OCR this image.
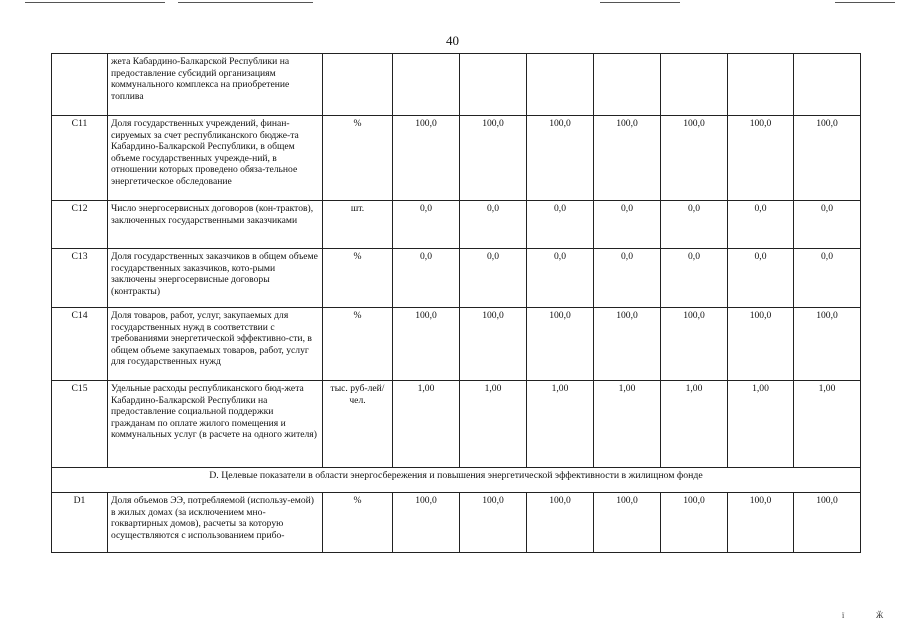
40
	жета Кабардино-Балкарской Республики на предоставление субсидий организациям коммунального комплекса на приобретение топлива								
C11	Доля государственных учреждений, финан-сируемых за счет республиканского бюдже-та Кабардино-Балкарской Республики, в общем объеме государственных учрежде-ний, в отношении которых проведено обяза-тельное энергетическое обследование	%	100,0	100,0	100,0	100,0	100,0	100,0	100,0
C12	Число энергосервисных договоров (кон-трактов), заключенных государственными заказчиками	шт.	0,0	0,0	0,0	0,0	0,0	0,0	0,0
C13	Доля государственных заказчиков в общем объеме государственных заказчиков, кото-рыми заключены энергосервисные договоры (контракты)	%	0,0	0,0	0,0	0,0	0,0	0,0	0,0
C14	Доля товаров, работ, услуг, закупаемых для государственных нужд в соответствии с требованиями энергетической эффективно-сти, в общем объеме закупаемых товаров, работ, услуг для государственных нужд	%	100,0	100,0	100,0	100,0	100,0	100,0	100,0
C15	Удельные расходы республиканского бюд-жета Кабардино-Балкарской Республики на предоставление социальной поддержки гражданам по оплате жилого помещения и коммунальных услуг (в расчете на одного жителя)	тыс. руб-лей/чел.	1,00	1,00	1,00	1,00	1,00	1,00	1,00
D. Целевые показатели в области энергосбережения и повышения энергетической эффективности в жилищном фонде									
D1	Доля объемов ЭЭ, потребляемой (использу-емой) в жилых домах (за исключением мно-гоквартирных домов), расчеты за которую осуществляются с использованием прибо-	%	100,0	100,0	100,0	100,0	100,0	100,0	100,0
ї	Ӂ
